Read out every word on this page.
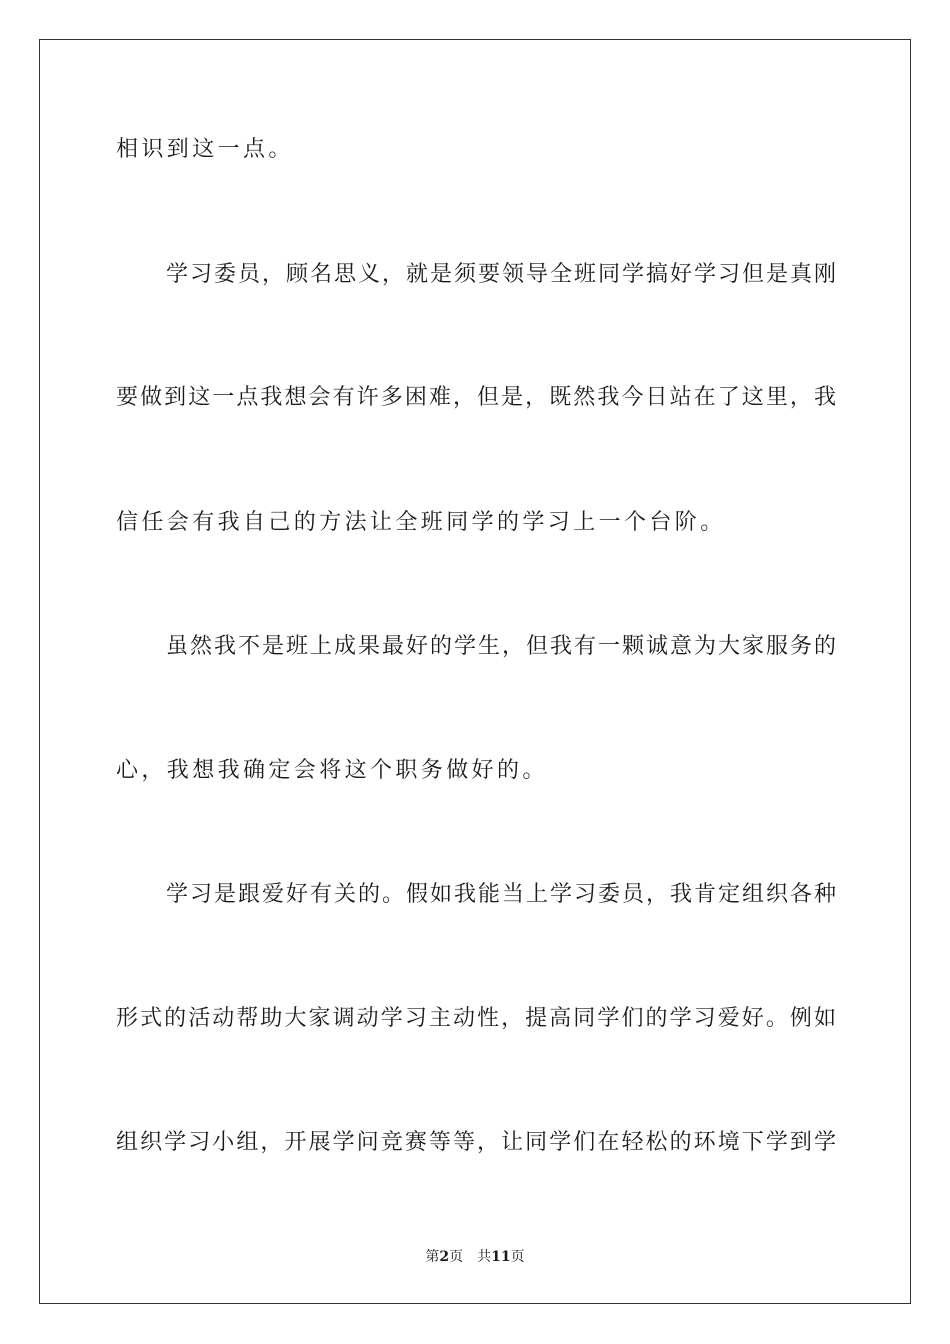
相识到这一点。
学习委员，顾名思义，就是须要领导全班同学搞好学习但是真刚
要做到这一点我想会有许多困难，但是，既然我今日站在了这里，我
信任会有我自己的方法让全班同学的学习上一个台阶。
虽然我不是班上成果最好的学生，但我有一颗诚意为大家服务的
心，我想我确定会将这个职务做好的。
学习是跟爱好有关的。假如我能当上学习委员，我肯定组织各种
形式的活动帮助大家调动学习主动性，提高同学们的学习爱好。例如
组织学习小组，开展学问竞赛等等，让同学们在轻松的环境下学到学
第2页 共11页
